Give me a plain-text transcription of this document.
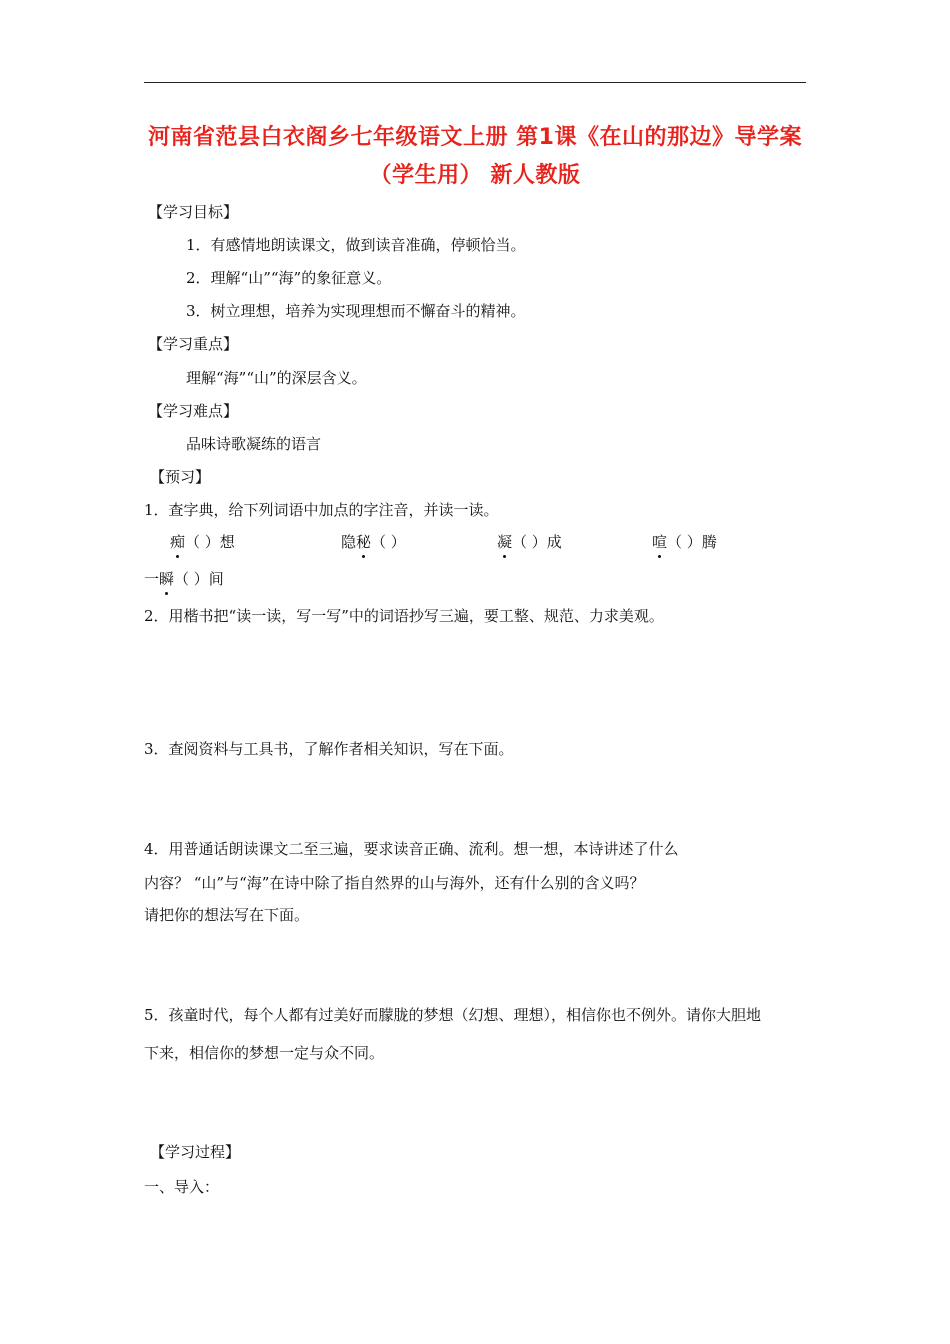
河南省范县白衣阁乡七年级语文上册 第1课《在山的那边》导学案
（学生用） 新人教版
【学习目标】
1．有感情地朗读课文，做到读音准确，停顿恰当。
2．理解“山”“海”的象征意义。
3．树立理想，培养为实现理想而不懈奋斗的精神。
【学习重点】
理解“海”“山”的深层含义。
【学习难点】
品味诗歌凝练的语言
【预习】
1．查字典，给下列词语中加点的字注音，并读一读。
痴（ ）想	隐秘（ ）	凝（ ）成	喧（ ）腾
一瞬（ ）间
2．用楷书把“读一读，写一写”中的词语抄写三遍，要工整、规范、力求美观。
3．查阅资料与工具书，了解作者相关知识，写在下面。
4．用普通话朗读课文二至三遍，要求读音正确、流利。想一想，本诗讲述了什么
内容？ “山”与“海”在诗中除了指自然界的山与海外，还有什么别的含义吗？
请把你的想法写在下面。
5．孩童时代，每个人都有过美好而朦胧的梦想（幻想、理想），相信你也不例外。请你大胆地
下来，相信你的梦想一定与众不同。
【学习过程】
一、导入：
